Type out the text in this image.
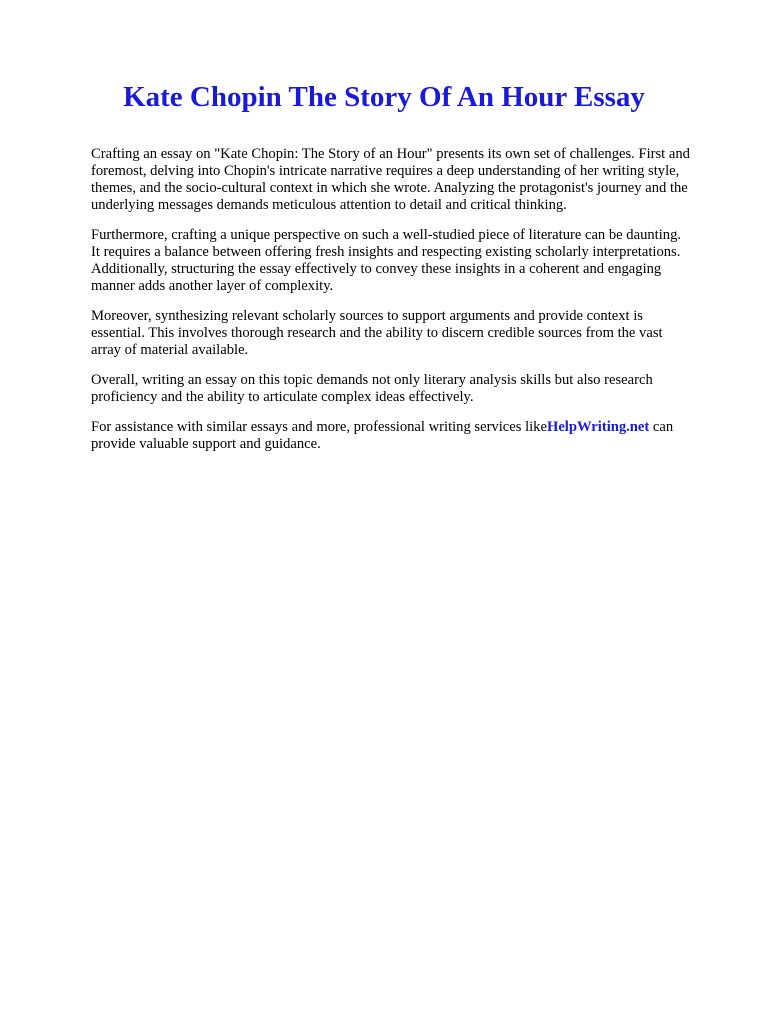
Kate Chopin The Story Of An Hour Essay

Crafting an essay on "Kate Chopin: The Story of an Hour" presents its own set of challenges. First and foremost, delving into Chopin's intricate narrative requires a deep understanding of her writing style, themes, and the socio-cultural context in which she wrote. Analyzing the protagonist's journey and the underlying messages demands meticulous attention to detail and critical thinking.

Furthermore, crafting a unique perspective on such a well-studied piece of literature can be daunting. It requires a balance between offering fresh insights and respecting existing scholarly interpretations. Additionally, structuring the essay effectively to convey these insights in a coherent and engaging manner adds another layer of complexity.

Moreover, synthesizing relevant scholarly sources to support arguments and provide context is essential. This involves thorough research and the ability to discern credible sources from the vast array of material available.

Overall, writing an essay on this topic demands not only literary analysis skills but also research proficiency and the ability to articulate complex ideas effectively.

For assistance with similar essays and more, professional writing services likeHelpWriting.net can provide valuable support and guidance.
